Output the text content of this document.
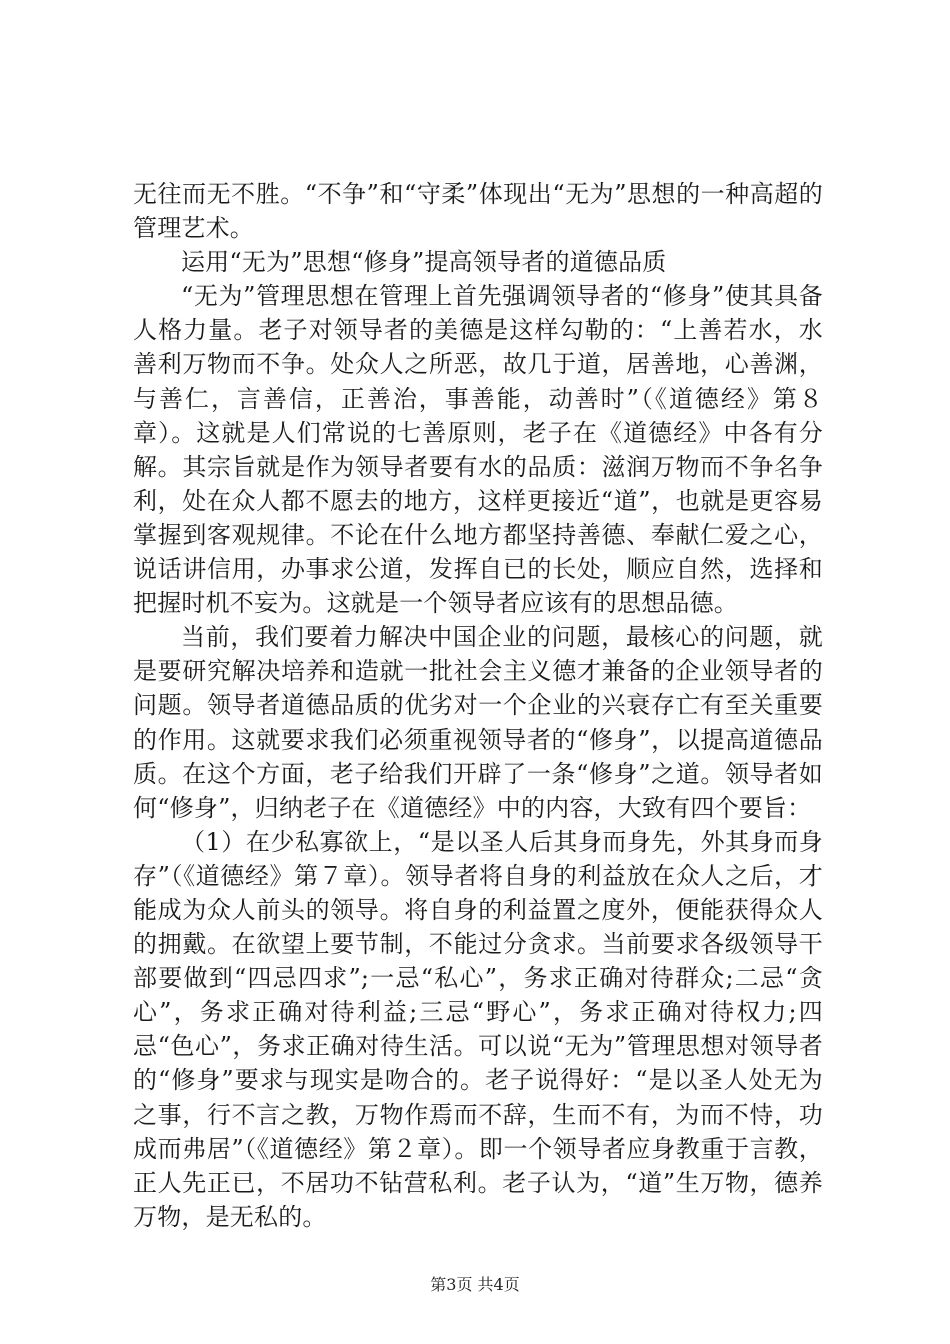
无往而无不胜。“不争”和“守柔”体现出“无为”思想的一种高超的管理艺术。

运用“无为”思想“修身”提高领导者的道德品质

“无为”管理思想在管理上首先强调领导者的“修身”使其具备人格力量。老子对领导者的美德是这样勾勒的：“上善若水，水善利万物而不争。处众人之所恶，故几于道，居善地，心善渊，与善仁，言善信，正善治，事善能，动善时”（《道德经》第８章）。这就是人们常说的七善原则，老子在《道德经》中各有分解。其宗旨就是作为领导者要有水的品质：滋润万物而不争名争利，处在众人都不愿去的地方，这样更接近“道”，也就是更容易掌握到客观规律。不论在什么地方都坚持善德、奉献仁爱之心，说话讲信用，办事求公道，发挥自已的长处，顺应自然，选择和把握时机不妄为。这就是一个领导者应该有的思想品德。

当前，我们要着力解决中国企业的问题，最核心的问题，就是要研究解决培养和造就一批社会主义德才兼备的企业领导者的问题。领导者道德品质的优劣对一个企业的兴衰存亡有至关重要的作用。这就要求我们必须重视领导者的“修身”，以提高道德品质。在这个方面，老子给我们开辟了一条“修身”之道。领导者如何“修身”，归纳老子在《道德经》中的内容，大致有四个要旨：

（1）在少私寡欲上，“是以圣人后其身而身先，外其身而身存”（《道德经》第７章）。领导者将自身的利益放在众人之后，才能成为众人前头的领导。将自身的利益置之度外，便能获得众人的拥戴。在欲望上要节制，不能过分贪求。当前要求各级领导干部要做到“四忌四求”;一忌“私心”，务求正确对待群众;二忌“贪心”，务求正确对待利益;三忌“野心”，务求正确对待权力;四忌“色心”，务求正确对待生活。可以说“无为”管理思想对领导者的“修身”要求与现实是吻合的。老子说得好：“是以圣人处无为之事，行不言之教，万物作焉而不辞，生而不有，为而不恃，功成而弗居”（《道德经》第２章）。即一个领导者应身教重于言教，正人先正已，不居功不钻营私利。老子认为，“道”生万物，德养万物，是无私的。

第3页 共4页
